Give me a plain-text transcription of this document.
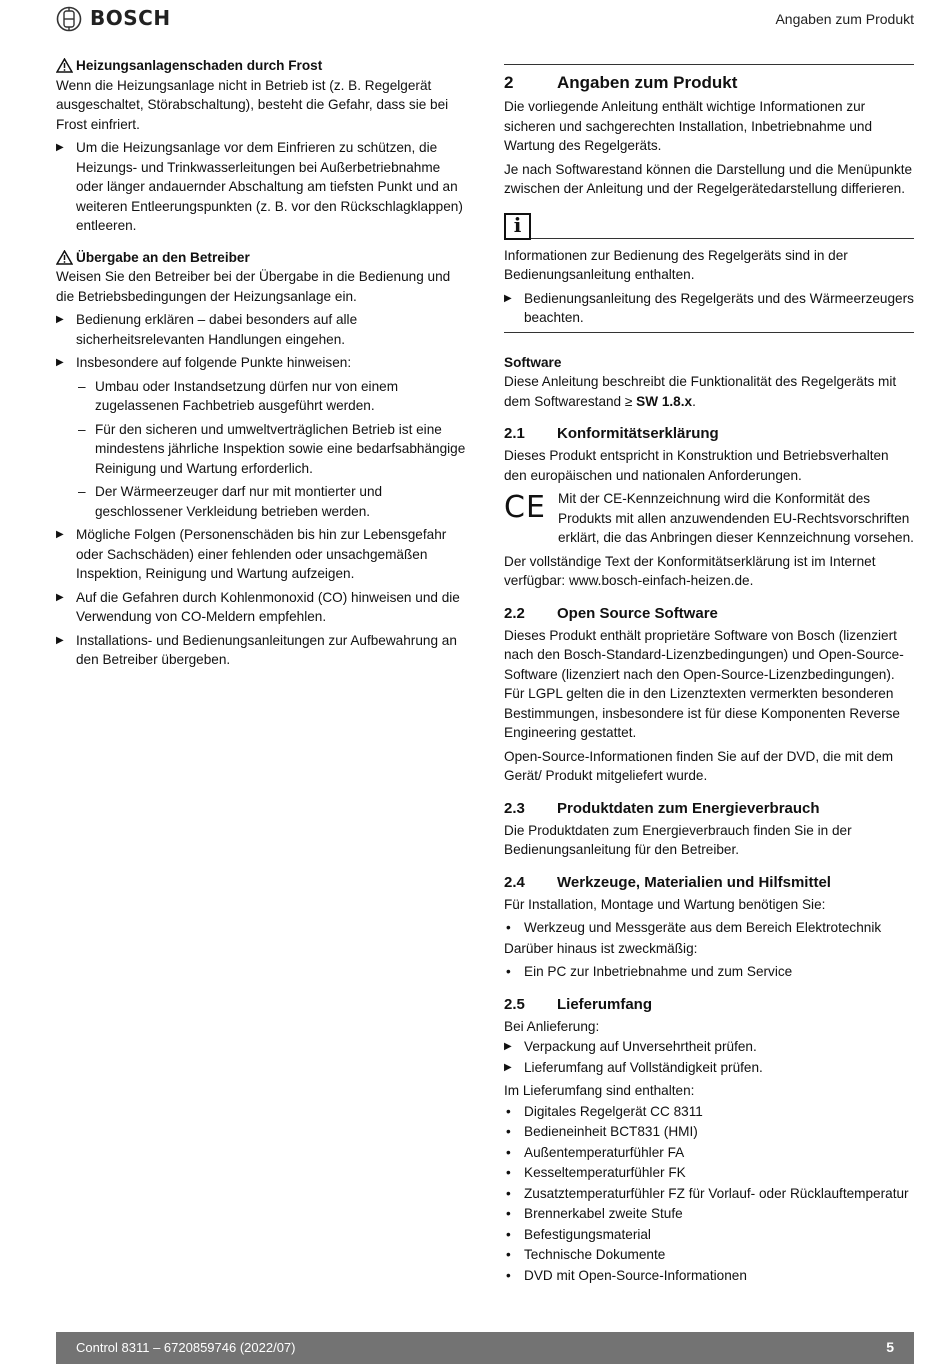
BOSCH	Angaben zum Produkt
Heizungsanlagenschaden durch Frost

Wenn die Heizungsanlage nicht in Betrieb ist (z. B. Regelgerät ausgeschaltet, Störabschaltung), besteht die Gefahr, dass sie bei Frost einfriert.

▶ Um die Heizungsanlage vor dem Einfrieren zu schützen, die Heizungs- und Trinkwasserleitungen bei Außerbetriebnahme oder länger andauernder Abschaltung am tiefsten Punkt und an weiteren Entleerungspunkten (z. B. vor den Rückschlagklappen) entleeren.
Übergabe an den Betreiber

Weisen Sie den Betreiber bei der Übergabe in die Bedienung und die Betriebsbedingungen der Heizungsanlage ein.

▶ Bedienung erklären – dabei besonders auf alle sicherheitsrelevanten Handlungen eingehen.
▶ Insbesondere auf folgende Punkte hinweisen:
– Umbau oder Instandsetzung dürfen nur von einem zugelassenen Fachbetrieb ausgeführt werden.
– Für den sicheren und umweltverträglichen Betrieb ist eine mindestens jährliche Inspektion sowie eine bedarfsabhängige Reinigung und Wartung erforderlich.
– Der Wärmeerzeuger darf nur mit montierter und geschlossener Verkleidung betrieben werden.
▶ Mögliche Folgen (Personenschäden bis hin zur Lebensgefahr oder Sachschäden) einer fehlenden oder unsachgemäßen Inspektion, Reinigung und Wartung aufzeigen.
▶ Auf die Gefahren durch Kohlenmonoxid (CO) hinweisen und die Verwendung von CO-Meldern empfehlen.
▶ Installations- und Bedienungsanleitungen zur Aufbewahrung an den Betreiber übergeben.
2	Angaben zum Produkt

Die vorliegende Anleitung enthält wichtige Informationen zur sicheren und sachgerechten Installation, Inbetriebnahme und Wartung des Regelgeräts.

Je nach Softwarestand können die Darstellung und die Menüpunkte zwischen der Anleitung und der Regelgerätedarstellung differieren.

i

Informationen zur Bedienung des Regelgeräts sind in der Bedienungsanleitung enthalten.

▶ Bedienungsanleitung des Regelgeräts und des Wärmeerzeugers beachten.

Software

Diese Anleitung beschreibt die Funktionalität des Regelgeräts mit dem Softwarestand ≥ SW 1.8.x.

2.1	Konformitätserklärung

Dieses Produkt entspricht in Konstruktion und Betriebsverhalten den europäischen und nationalen Anforderungen.

CE Mit der CE-Kennzeichnung wird die Konformität des Produkts mit allen anzuwendenden EU-Rechtsvorschriften erklärt, die das Anbringen dieser Kennzeichnung vorsehen.

Der vollständige Text der Konformitätserklärung ist im Internet verfügbar: www.bosch-einfach-heizen.de.

2.2	Open Source Software

Dieses Produkt enthält proprietäre Software von Bosch (lizenziert nach den Bosch-Standard-Lizenzbedingungen) und Open-Source-Software (lizenziert nach den Open-Source-Lizenzbedingungen). Für LGPL gelten die in den Lizenztexten vermerkten besonderen Bestimmungen, insbesondere ist für diese Komponenten Reverse Engineering gestattet.

Open-Source-Informationen finden Sie auf der DVD, die mit dem Gerät/ Produkt mitgeliefert wurde.

2.3	Produktdaten zum Energieverbrauch

Die Produktdaten zum Energieverbrauch finden Sie in der Bedienungsanleitung für den Betreiber.

2.4	Werkzeuge, Materialien und Hilfsmittel

Für Installation, Montage und Wartung benötigen Sie:

• Werkzeug und Messgeräte aus dem Bereich Elektrotechnik

Darüber hinaus ist zweckmäßig:

• Ein PC zur Inbetriebnahme und zum Service
2.5	Lieferumfang

Bei Anlieferung:

▶ Verpackung auf Unversehrtheit prüfen.
▶ Lieferumfang auf Vollständigkeit prüfen.

Im Lieferumfang sind enthalten:

• Digitales Regelgerät CC 8311
• Bedieneinheit BCT831 (HMI)
• Außentemperaturfühler FA
• Kesseltemperaturfühler FK
• Zusatztemperaturfühler FZ für Vorlauf- oder Rücklauftemperatur
• Brennerkabel zweite Stufe
• Befestigungsmaterial
• Technische Dokumente
• DVD mit Open-Source-Informationen
Control 8311 – 6720859746 (2022/07)	5
